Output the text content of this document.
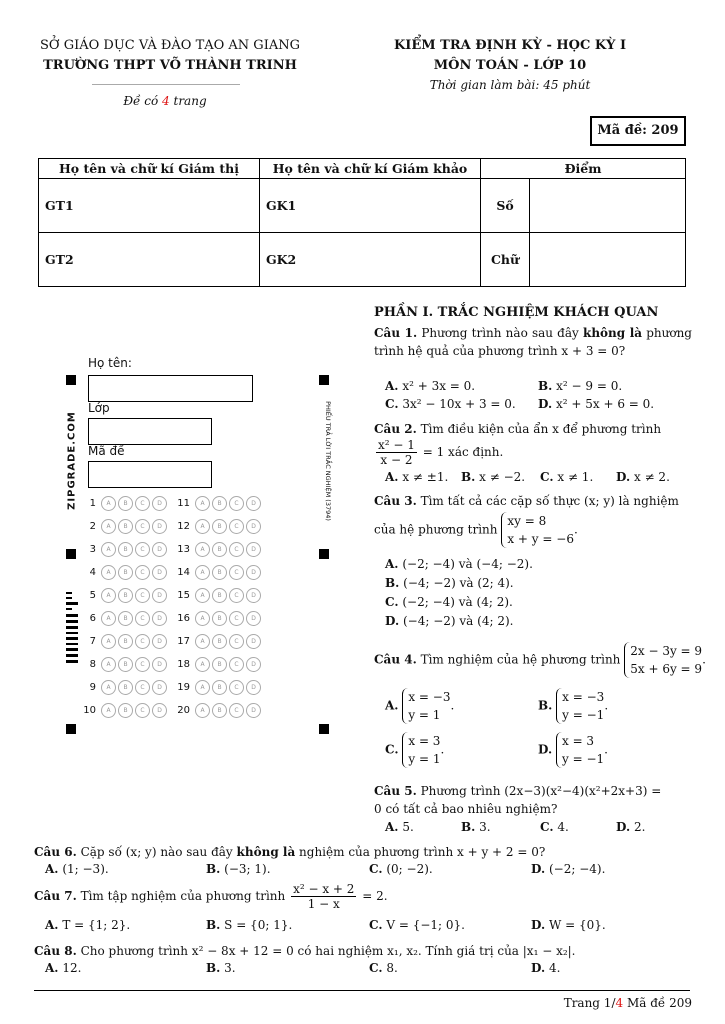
SỞ GIÁO DỤC VÀ ĐÀO TẠO AN GIANG
TRƯỜNG THPT VÕ THÀNH TRINH
Đề có 4 trang
KIỂM TRA ĐỊNH KỲ - HỌC KỲ I
MÔN TOÁN - LỚP 10
Thời gian làm bài: 45 phút
Mã đề: 209
Họ tên và chữ kí Giám thị	Họ tên và chữ kí Giám khảo	Điểm	
GT1	GK1	Số	
GT2	GK2	Chữ	
Họ tên:
Lớp
Mã đề
ZIPGRADE.COM	PHIẾU TRẢ LỜI TRẮC NGHIỆM (3794)
1 A B C D
2 A B C D
3 A B C D
4 A B C D
5 A B C D
6 A B C D
7 A B C D
8 A B C D
9 A B C D
10 A B C D
11 A B C D
12 A B C D
13 A B C D
14 A B C D
15 A B C D
16 A B C D
17 A B C D
18 A B C D
19 A B C D
20 A B C D
PHẦN I. TRẮC NGHIỆM KHÁCH QUAN
Câu 1. Phương trình nào sau đây không là phương trình hệ quả của phương trình x + 3 = 0?
A. x² + 3x = 0.	B. x² − 9 = 0.
C. 3x² − 10x + 3 = 0. D. x² + 5x + 6 = 0.
Câu 2. Tìm điều kiện của ẩn x để phương trình

$\frac{\text{x² − 1}}{x - 2} = 1$ xác định.
A. x ≠ ±1. B. x ≠ −2. C. x ≠ 1. D. x ≠ 2.
Câu 3. Tìm tất cả các cặp số thực (x; y) là nghiệm
của hệ phương trình xy = 8
x + y = −6.
A. (−2; −4) và (−4; −2).
B. (−4; −2) và (2; 4).
C. (−2; −4) và (4; 2).
D. (−4; −2) và (4; 2).
Câu 4. Tìm nghiệm của hệ phương trình 2x − 3y = 9
5x + 6y = 9.
A. x = −3
y = 1.	B. x = −3
y = −1.
C. x = 3
y = 1.	D. x = 3
y = −1.
Câu 5. Phương trình (2x−3)(x²−4)(x²+2x+3) =
0 có tất cả bao nhiêu nghiệm?
A. 5.	B. 3.	C. 4.	D. 2.
Câu 6. Cặp số (x; y) nào sau đây không là nghiệm của phương trình x + y + 2 = 0?
A. (1; −3).	B. (−3; 1).	C. (0; −2).	D. (−2; −4).
Câu 7. Tìm tập nghiệm của phương trình $\frac{\text{x² − x + 2}}{1 - x} = 2$.
A. T = {1; 2}.	B. S = {0; 1}.	C. V = {−1; 0}.	D. W = {0}.
Câu 8. Cho phương trình x² − 8x + 12 = 0 có hai nghiệm x₁, x₂. Tính giá trị của |x₁ − x₂|.
A. 12.	B. 3.	C. 8.	D. 4.
Trang 1/4 Mã đề 209
